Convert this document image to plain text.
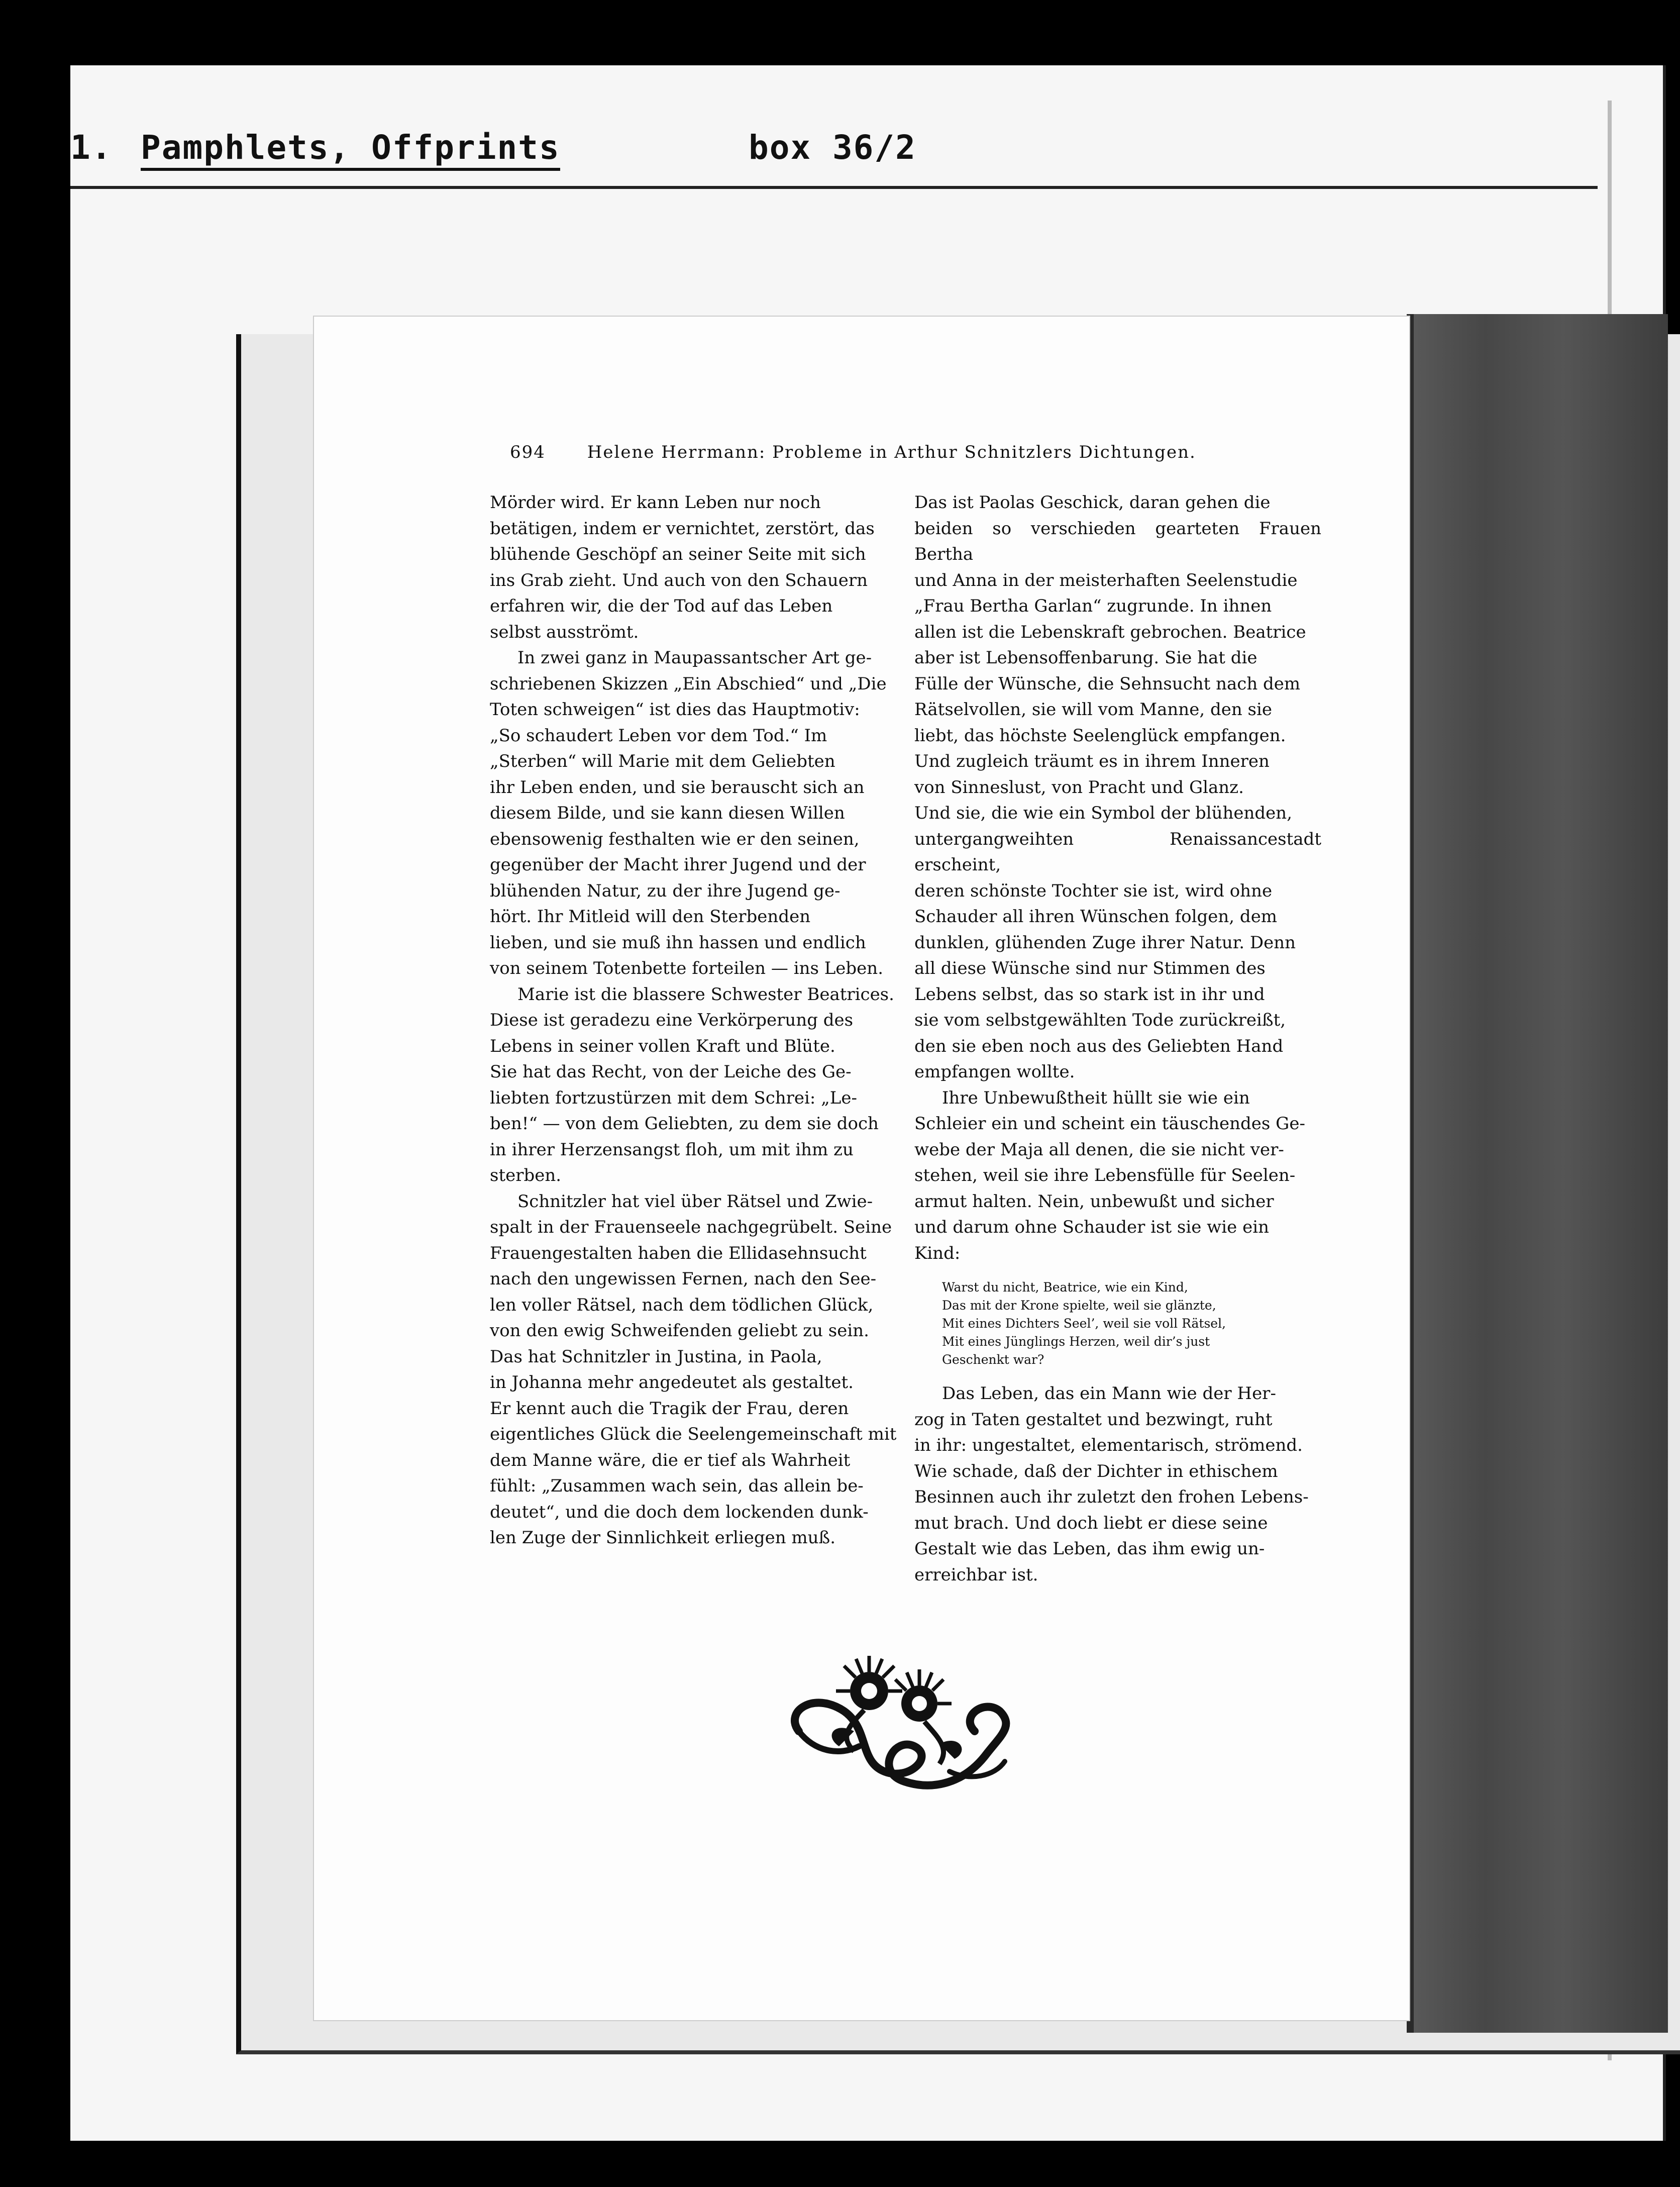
1. Pamphlets, Offprints	box 36/2
694 Helene Herrmann: Probleme in Arthur Schnitzlers Dichtungen.

Mörder wird. Er kann Leben nur noch
betätigen, indem er vernichtet, zerstört, das
blühende Geschöpf an seiner Seite mit sich
ins Grab zieht. Und auch von den Schauern
erfahren wir, die der Tod auf das Leben
selbst ausströmt.

In zwei ganz in Maupassantscher Art ge-
schriebenen Skizzen „Ein Abschied“ und „Die
Toten schweigen“ ist dies das Hauptmotiv:
„So schaudert Leben vor dem Tod.“ Im
„Sterben“ will Marie mit dem Geliebten
ihr Leben enden, und sie berauscht sich an
diesem Bilde, und sie kann diesen Willen
ebensowenig festhalten wie er den seinen,
gegenüber der Macht ihrer Jugend und der
blühenden Natur, zu der ihre Jugend ge-
hört. Ihr Mitleid will den Sterbenden
lieben, und sie muß ihn hassen und endlich
von seinem Totenbette forteilen — ins Leben.

Marie ist die blassere Schwester Beatrices.
Diese ist geradezu eine Verkörperung des
Lebens in seiner vollen Kraft und Blüte.
Sie hat das Recht, von der Leiche des Ge-
liebten fortzustürzen mit dem Schrei: „Le-
ben!“ — von dem Geliebten, zu dem sie doch
in ihrer Herzensangst floh, um mit ihm zu
sterben.

Schnitzler hat viel über Rätsel und Zwie-
spalt in der Frauenseele nachgegrübelt. Seine
Frauengestalten haben die Ellidasehnsucht
nach den ungewissen Fernen, nach den See-
len voller Rätsel, nach dem tödlichen Glück,
von den ewig Schweifenden geliebt zu sein.
Das hat Schnitzler in Justina, in Paola,
in Johanna mehr angedeutet als gestaltet.
Er kennt auch die Tragik der Frau, deren
eigentliches Glück die Seelengemeinschaft mit
dem Manne wäre, die er tief als Wahrheit
fühlt: „Zusammen wach sein, das allein be-
deutet“, und die doch dem lockenden dunk-
len Zuge der Sinnlichkeit erliegen muß.

Das ist Paolas Geschick, daran gehen die
beiden so verschieden gearteten Frauen Bertha
und Anna in der meisterhaften Seelenstudie
„Frau Bertha Garlan“ zugrunde. In ihnen
allen ist die Lebenskraft gebrochen. Beatrice
aber ist Lebensoffenbarung. Sie hat die
Fülle der Wünsche, die Sehnsucht nach dem
Rätselvollen, sie will vom Manne, den sie
liebt, das höchste Seelenglück empfangen.
Und zugleich träumt es in ihrem Inneren
von Sinneslust, von Pracht und Glanz.
Und sie, die wie ein Symbol der blühenden,
untergangweihten Renaissancestadt erscheint,
deren schönste Tochter sie ist, wird ohne
Schauder all ihren Wünschen folgen, dem
dunklen, glühenden Zuge ihrer Natur. Denn
all diese Wünsche sind nur Stimmen des
Lebens selbst, das so stark ist in ihr und
sie vom selbstgewählten Tode zurückreißt,
den sie eben noch aus des Geliebten Hand
empfangen wollte.

Ihre Unbewußtheit hüllt sie wie ein
Schleier ein und scheint ein täuschendes Ge-
webe der Maja all denen, die sie nicht ver-
stehen, weil sie ihre Lebensfülle für Seelen-
armut halten. Nein, unbewußt und sicher
und darum ohne Schauder ist sie wie ein
Kind:

Warst du nicht, Beatrice, wie ein Kind,
Das mit der Krone spielte, weil sie glänzte,
Mit eines Dichters Seel’, weil sie voll Rätsel,
Mit eines Jünglings Herzen, weil dir’s just
Geschenkt war?

Das Leben, das ein Mann wie der Her-
zog in Taten gestaltet und bezwingt, ruht
in ihr: ungestaltet, elementarisch, strömend.
Wie schade, daß der Dichter in ethischem
Besinnen auch ihr zuletzt den frohen Lebens-
mut brach. Und doch liebt er diese seine
Gestalt wie das Leben, das ihm ewig un-
erreichbar ist.
